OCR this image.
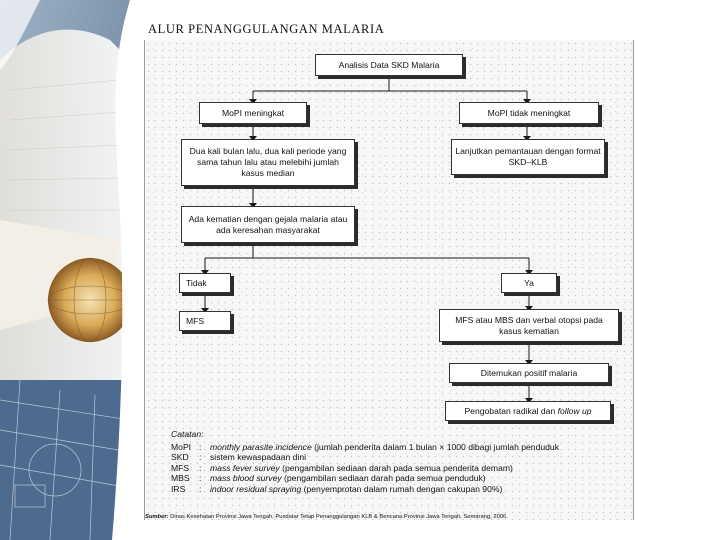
ALUR PENANGGULANGAN MALARIA
Analisis Data SKD Malaria
MoPI meningkat	MoPI tidak meningkat
Dua kali bulan lalu, dua kali periode yang sama tahun lalu atau melebihi jumlah kasus median
Lanjutkan pemantauan dengan format SKD–KLB
Ada kematian dengan gejala malaria atau ada keresahan masyarakat
Tidak	Ya
MFS	MFS atau MBS dan verbal otopsi pada kasus kematian
Ditemukan positif malaria
Pengobatan radikal dan follow up
Catatan:
MoPI :	monthly parasite incidence (jumlah penderita dalam 1 bulan × 1000 dibagi jumlah penduduk
SKD	:	sistem kewaspadaan dini
MFS	:	mass fever survey (pengambilan sediaan darah pada semua penderita demam)
MBS	:	mass blood survey (pengambilan sediaan darah pada semua penduduk)
IRS	:	indoor residual spraying (penyemprotan dalam rumah dengan cakupan 90%)
Sumber: Dinas Kesehatan Provinsi Jawa Tengah, Pusdatar Tetap Penanggulangan KLB & Bencana Provinsi Jawa Tengah, Semarang, 2006.
